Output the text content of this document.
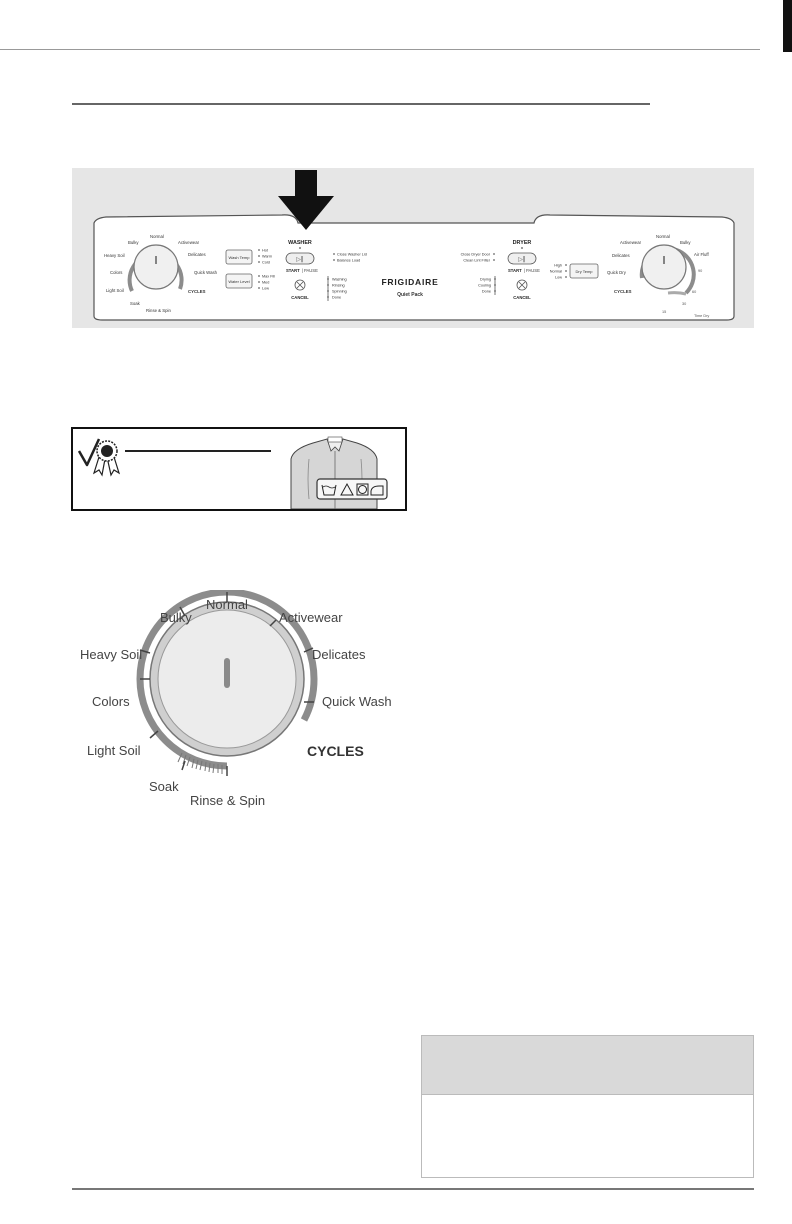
Normal
Activewear
Delicates
Quick Wash
Rinse & Spin
Soak
Light Soil
Colors
Heavy Soil
Bulky
CYCLES
Wash Temp
Hot
Warm
Cold
Water Level
Max Fill
Med
Low
WASHER
▷‖
START | PAUSE
CANCEL
Close Washer Lid
Balance Load
Washing
Rinsing
Spinning
Done
FRIGIDAIRE
Quiet Pack
Close Dryer Door
Clean Lint Filter
Drying
Cooling
Done
DRYER
▷‖
START | PAUSE
CANCEL
High
Normal
Low
Dry Temp
Normal
Bulky
Air Fluff
Activewear
Delicates
Quick Dry
CYCLES
90
60
30
15
Time Dry
Normal
Bulky	Activewear
Heavy Soil	Delicates
Colors	Quick Wash
Light Soil
Soak
Rinse & Spin
CYCLES
